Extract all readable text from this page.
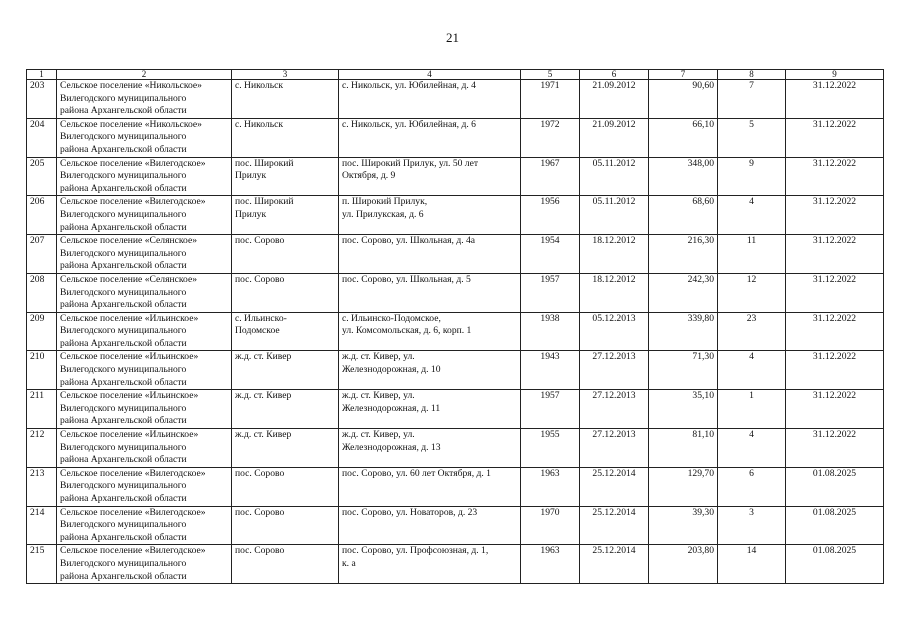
21
1	2	3	4	5	6	7	8	9
203	Сельское поселение «Никольское»
Вилегодского муниципального
района Архангельской области	с. Никольск	с. Никольск, ул. Юбилейная, д. 4	1971	21.09.2012	90,60	7	31.12.2022
204	Сельское поселение «Никольское»
Вилегодского муниципального
района Архангельской области	с. Никольск	с. Никольск, ул. Юбилейная, д. 6	1972	21.09.2012	66,10	5	31.12.2022
205	Сельское поселение «Вилегодское»
Вилегодского муниципального
района Архангельской области	пос. Широкий
Прилук	пос. Широкий Прилук, ул. 50 лет
Октября, д. 9	1967	05.11.2012	348,00	9	31.12.2022
206	Сельское поселение «Вилегодское»
Вилегодского муниципального
района Архангельской области	пос. Широкий
Прилук	п. Широкий Прилук,
ул. Прилукская, д. 6	1956	05.11.2012	68,60	4	31.12.2022
207	Сельское поселение «Селянское»
Вилегодского муниципального
района Архангельской области	пос. Сорово	пос. Сорово, ул. Школьная, д. 4а	1954	18.12.2012	216,30	11	31.12.2022
208	Сельское поселение «Селянское»
Вилегодского муниципального
района Архангельской области	пос. Сорово	пос. Сорово, ул. Школьная, д. 5	1957	18.12.2012	242,30	12	31.12.2022
209	Сельское поселение «Ильинское»
Вилегодского муниципального
района Архангельской области	с. Ильинско-
Подомское	с. Ильинско-Подомское,
ул. Комсомольская, д. 6, корп. 1	1938	05.12.2013	339,80	23	31.12.2022
210	Сельское поселение «Ильинское»
Вилегодского муниципального
района Архангельской области	ж.д. ст. Кивер	ж.д. ст. Кивер, ул.
Железнодорожная, д. 10	1943	27.12.2013	71,30	4	31.12.2022
211	Сельское поселение «Ильинское»
Вилегодского муниципального
района Архангельской области	ж.д. ст. Кивер	ж.д. ст. Кивер, ул.
Железнодорожная, д. 11	1957	27.12.2013	35,10	1	31.12.2022
212	Сельское поселение «Ильинское»
Вилегодского муниципального
района Архангельской области	ж.д. ст. Кивер	ж.д. ст. Кивер, ул.
Железнодорожная, д. 13	1955	27.12.2013	81,10	4	31.12.2022
213	Сельское поселение «Вилегодское»
Вилегодского муниципального
района Архангельской области	пос. Сорово	пос. Сорово, ул. 60 лет Октября, д. 1	1963	25.12.2014	129,70	6	01.08.2025
214	Сельское поселение «Вилегодское»
Вилегодского муниципального
района Архангельской области	пос. Сорово	пос. Сорово, ул. Новаторов, д. 23	1970	25.12.2014	39,30	3	01.08.2025
215	Сельское поселение «Вилегодское»
Вилегодского муниципального
района Архангельской области	пос. Сорово	пос. Сорово, ул. Профсоюзная, д. 1,
к. а	1963	25.12.2014	203,80	14	01.08.2025
